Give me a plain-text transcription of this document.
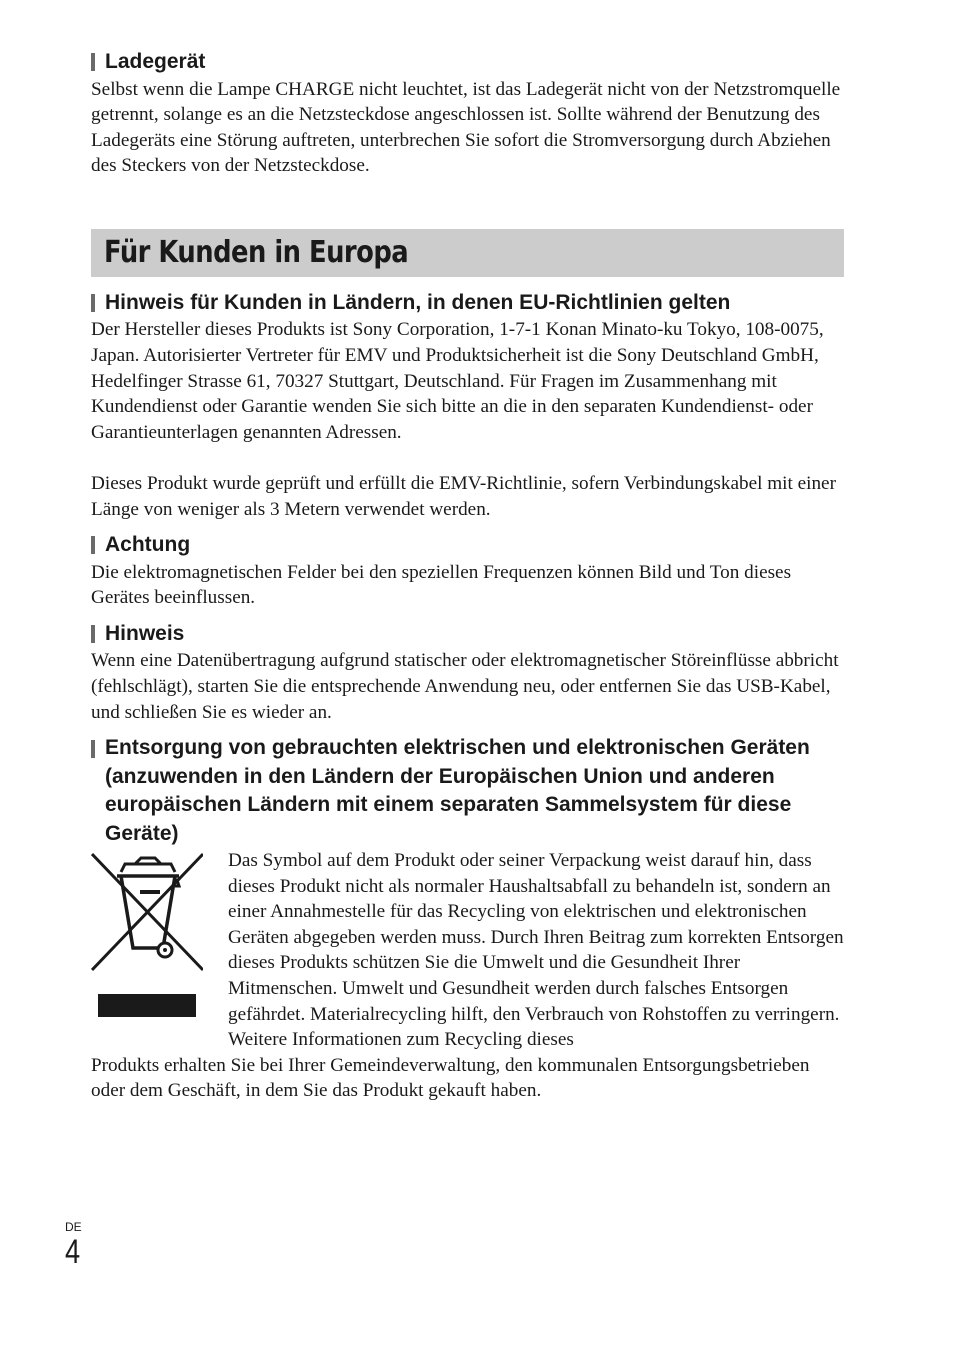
Ladegerät

Selbst wenn die Lampe CHARGE nicht leuchtet, ist das Ladegerät nicht von der Netzstromquelle getrennt, solange es an die Netzsteckdose angeschlossen ist. Sollte während der Benutzung des Ladegeräts eine Störung auftreten, unterbrechen Sie sofort die Stromversorgung durch Abziehen des Steckers von der Netzsteckdose.

Für Kunden in Europa
Hinweis für Kunden in Ländern, in denen EU-Richtlinien gelten

Der Hersteller dieses Produkts ist Sony Corporation, 1-7-1 Konan Minato-ku Tokyo, 108-0075, Japan. Autorisierter Vertreter für EMV und Produktsicherheit ist die Sony Deutschland GmbH, Hedelfinger Strasse 61, 70327 Stuttgart, Deutschland. Für Fragen im Zusammenhang mit Kundendienst oder Garantie wenden Sie sich bitte an die in den separaten Kundendienst- oder Garantieunterlagen genannten Adressen.

Dieses Produkt wurde geprüft und erfüllt die EMV-Richtlinie, sofern Verbindungskabel mit einer Länge von weniger als 3 Metern verwendet werden.

Achtung

Die elektromagnetischen Felder bei den speziellen Frequenzen können Bild und Ton dieses Gerätes beeinflussen.

Hinweis

Wenn eine Datenübertragung aufgrund statischer oder elektromagnetischer Störeinflüsse abbricht (fehlschlägt), starten Sie die entsprechende Anwendung neu, oder entfernen Sie das USB-Kabel, und schließen Sie es wieder an.

Entsorgung von gebrauchten elektrischen und elektronischen Geräten (anzuwenden in den Ländern der Europäischen Union und anderen europäischen Ländern mit einem separaten Sammelsystem für diese Geräte)

Das Symbol auf dem Produkt oder seiner Verpackung weist darauf hin, dass dieses Produkt nicht als normaler Haushaltsabfall zu behandeln ist, sondern an einer Annahmestelle für das Recycling von elektrischen und elektronischen Geräten abgegeben werden muss. Durch Ihren Beitrag zum korrekten Entsorgen dieses Produkts schützen Sie die Umwelt und die Gesundheit Ihrer Mitmenschen. Umwelt und Gesundheit werden durch falsches Entsorgen gefährdet. Materialrecycling hilft, den Verbrauch von Rohstoffen zu verringern. Weitere Informationen zum Recycling dieses

Produkts erhalten Sie bei Ihrer Gemeindeverwaltung, den kommunalen Entsorgungsbetrieben oder dem Geschäft, in dem Sie das Produkt gekauft haben.

DE
4
